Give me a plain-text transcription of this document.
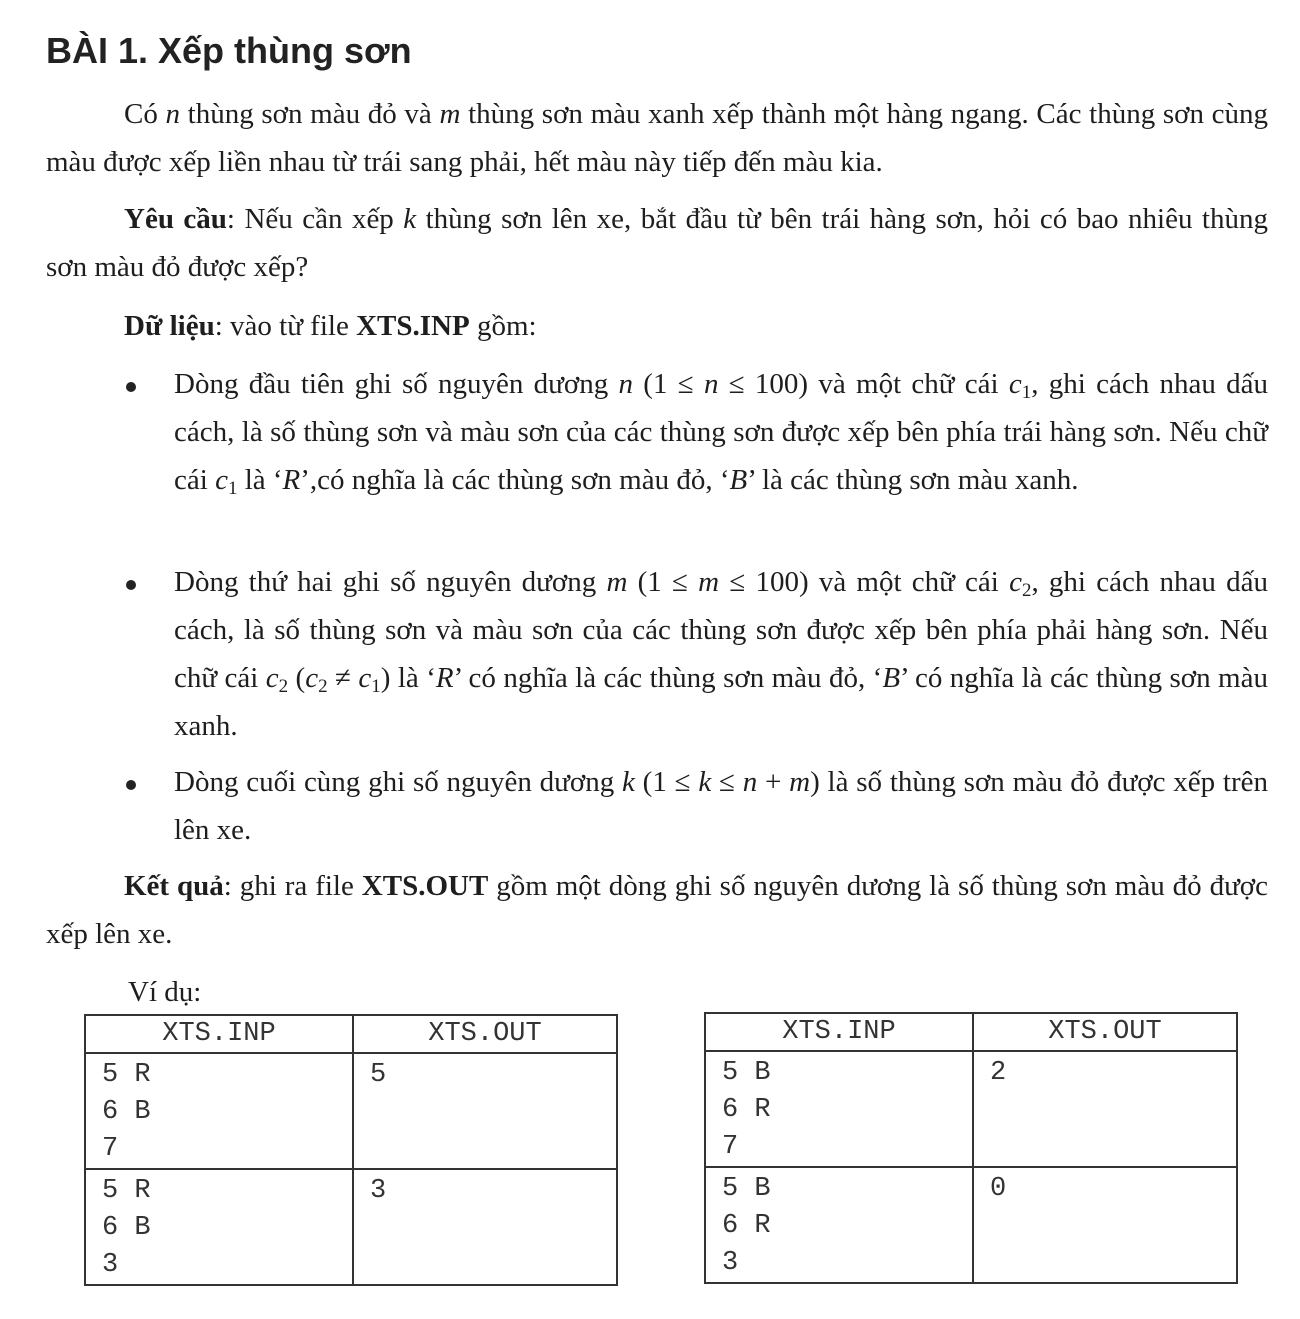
BÀI 1. Xếp thùng sơn

Có n thùng sơn màu đỏ và m thùng sơn màu xanh xếp thành một hàng ngang. Các thùng sơn cùng màu được xếp liền nhau từ trái sang phải, hết màu này tiếp đến màu kia.

Yêu cầu: Nếu cần xếp k thùng sơn lên xe, bắt đầu từ bên trái hàng sơn, hỏi có bao nhiêu thùng sơn màu đỏ được xếp?

Dữ liệu: vào từ file XTS.INP gồm:

Dòng đầu tiên ghi số nguyên dương n (1 ≤ n ≤ 100) và một chữ cái $c_1$, ghi cách nhau dấu cách, là số thùng sơn và màu sơn của các thùng sơn được xếp bên phía trái hàng sơn. Nếu chữ cái $c_1$ là ‘R’,có nghĩa là các thùng sơn màu đỏ, ‘B’ là các thùng sơn màu xanh.

Dòng thứ hai ghi số nguyên dương m (1 ≤ m ≤ 100) và một chữ cái $c_2$, ghi cách nhau dấu cách, là số thùng sơn và màu sơn của các thùng sơn được xếp bên phía phải hàng sơn. Nếu chữ cái $c_2$ $(c_2 \ne c_1)$ là ‘R’ có nghĩa là các thùng sơn màu đỏ, ‘B’ có nghĩa là các thùng sơn màu xanh.

Dòng cuối cùng ghi số nguyên dương k (1 ≤ k ≤ n + m) là số thùng sơn màu đỏ được xếp trên lên xe.

Kết quả: ghi ra file XTS.OUT gồm một dòng ghi số nguyên dương là số thùng sơn màu đỏ được xếp lên xe.

Ví dụ:

XTS.INP	XTS.OUT

5 R
6 B
7	5

5 R
6 B
3	3
XTS.INP	XTS.OUT

5 B
6 R
7	2

5 B
6 R
3	0
